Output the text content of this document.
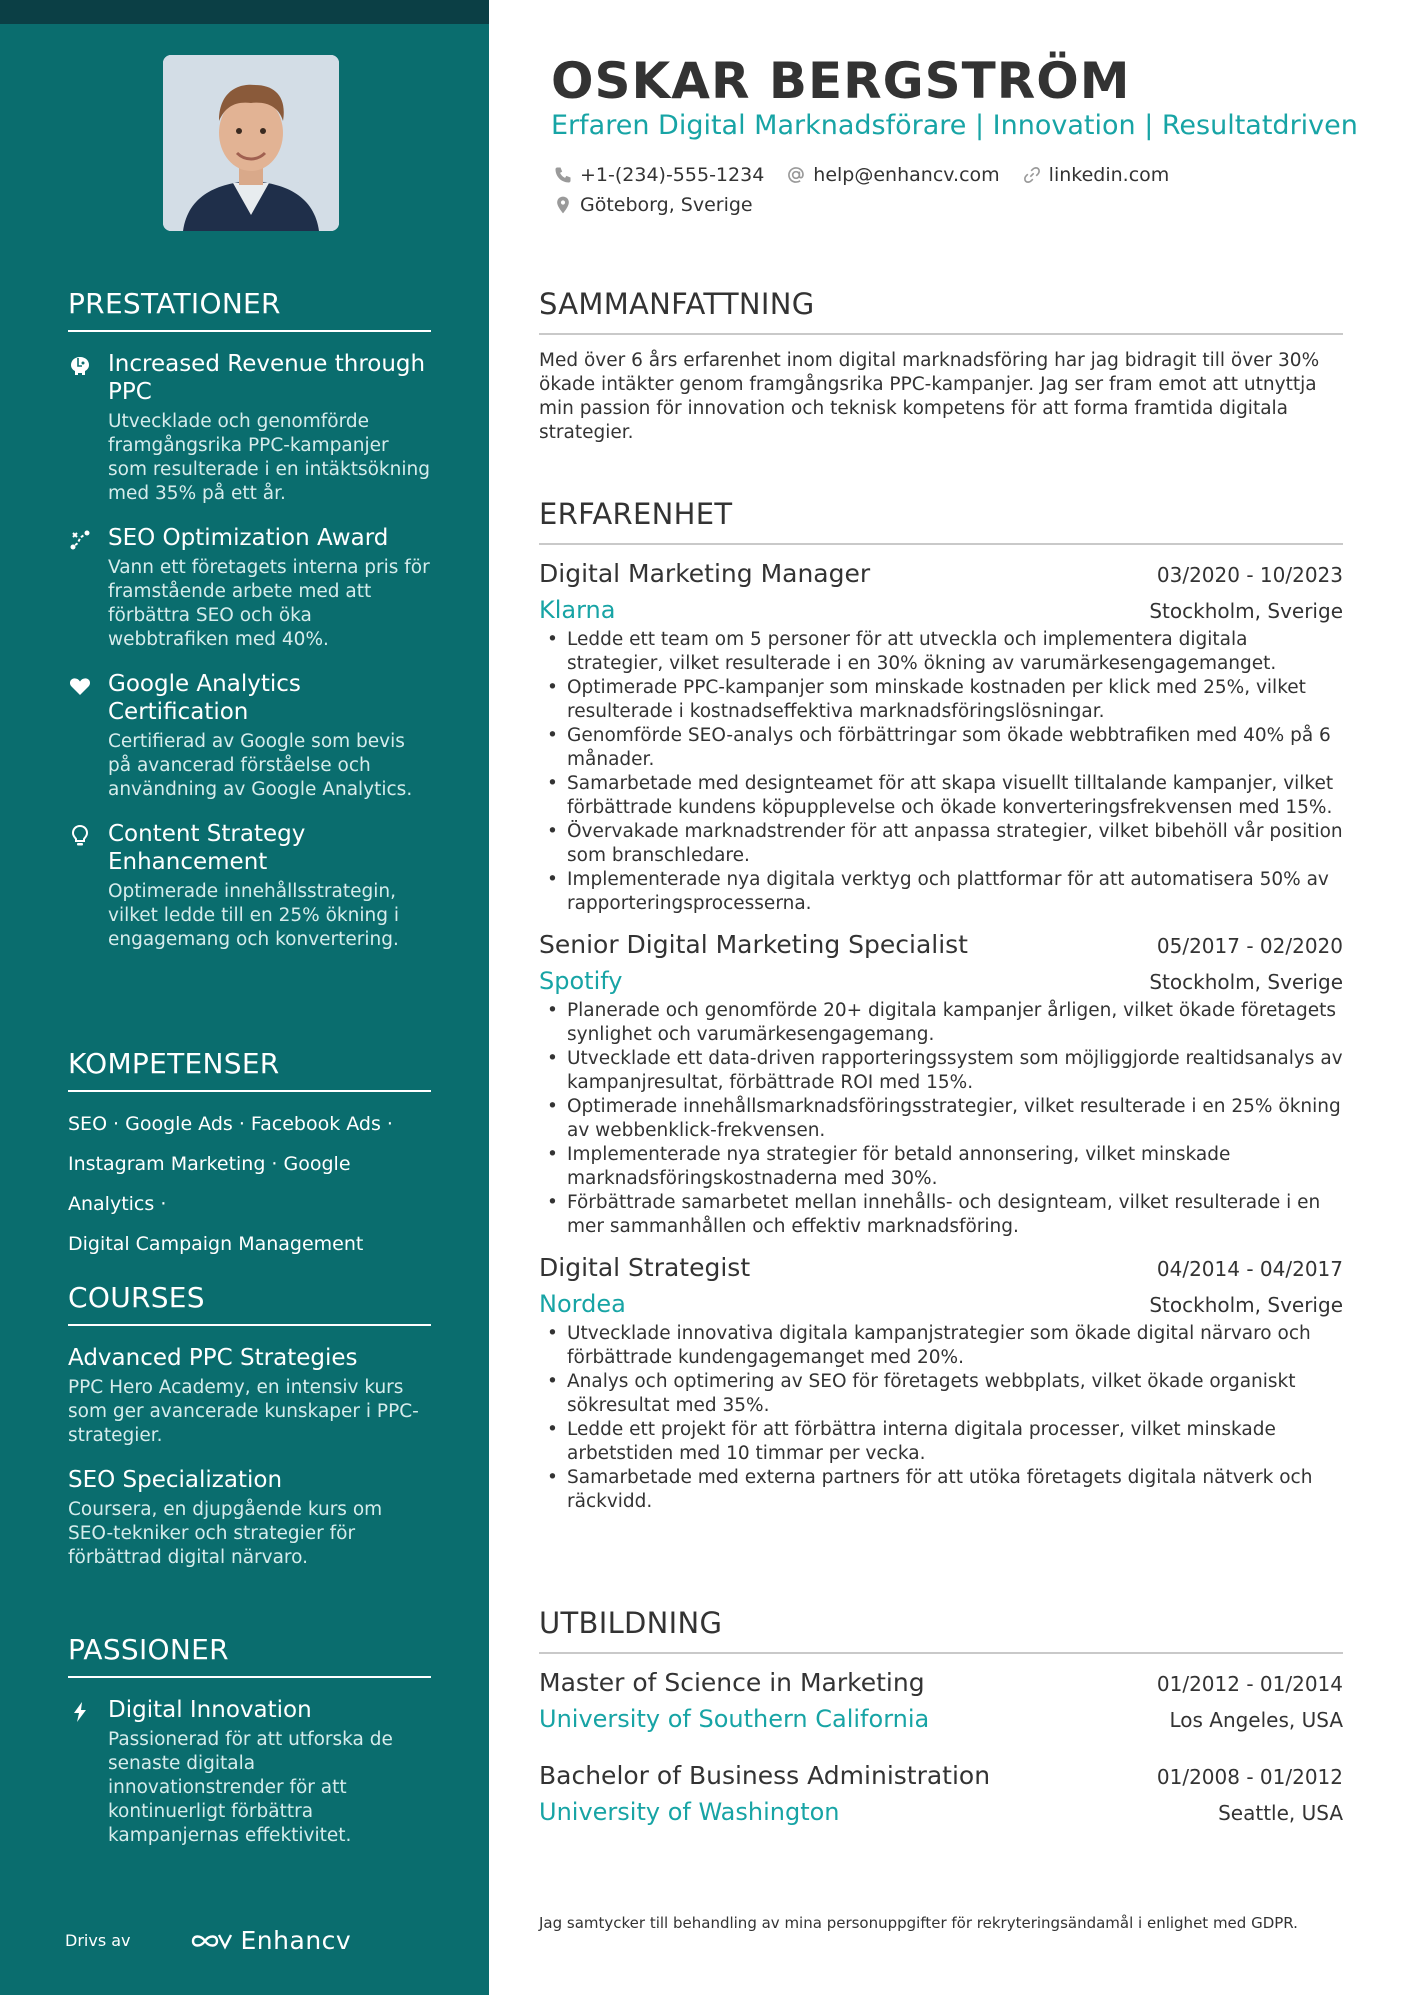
PRESTATIONER
Increased Revenue through PPC
Utvecklade och genomförde framgångsrika PPC-kampanjer som resulterade i en intäktsökning med 35% på ett år.
SEO Optimization Award
Vann ett företagets interna pris för framstående arbete med att förbättra SEO och öka webbtrafiken med 40%.
Google Analytics Certification
Certifierad av Google som bevis på avancerad förståelse och användning av Google Analytics.
Content Strategy Enhancement
Optimerade innehållsstrategin, vilket ledde till en 25% ökning i engagemang och konvertering.
KOMPETENSER
SEO · Google Ads · Facebook Ads ·
Instagram Marketing · Google Analytics ·
Digital Campaign Management
COURSES
Advanced PPC Strategies
PPC Hero Academy, en intensiv kurs som ger avancerade kunskaper i PPC-strategier.
SEO Specialization
Coursera, en djupgående kurs om SEO-tekniker och strategier för förbättrad digital närvaro.
PASSIONER
Digital Innovation
Passionerad för att utforska de senaste digitala innovationstrender för att kontinuerligt förbättra kampanjernas effektivitet.
Drivs av	Enhancv
OSKAR BERGSTRÖM
Erfaren Digital Marknadsförare | Innovation | Resultatdriven
+1-(234)-555-1234	help@enhancv.com	linkedin.com
Göteborg, Sverige
SAMMANFATTNING
Med över 6 års erfarenhet inom digital marknadsföring har jag bidragit till över 30% ökade intäkter genom framgångsrika PPC-kampanjer. Jag ser fram emot att utnyttja min passion för innovation och teknisk kompetens för att forma framtida digitala strategier.
ERFARENHET
Digital Marketing Manager	03/2020 - 10/2023
Klarna	Stockholm, Sverige
• Ledde ett team om 5 personer för att utveckla och implementera digitala strategier, vilket resulterade i en 30% ökning av varumärkesengagemanget.
• Optimerade PPC-kampanjer som minskade kostnaden per klick med 25%, vilket resulterade i kostnadseffektiva marknadsföringslösningar.
• Genomförde SEO-analys och förbättringar som ökade webbtrafiken med 40% på 6 månader.
• Samarbetade med designteamet för att skapa visuellt tilltalande kampanjer, vilket förbättrade kundens köpupplevelse och ökade konverteringsfrekvensen med 15%.
• Övervakade marknadstrender för att anpassa strategier, vilket bibehöll vår position som branschledare.
• Implementerade nya digitala verktyg och plattformar för att automatisera 50% av rapporteringsprocesserna.
Senior Digital Marketing Specialist	05/2017 - 02/2020
Spotify	Stockholm, Sverige
• Planerade och genomförde 20+ digitala kampanjer årligen, vilket ökade företagets synlighet och varumärkesengagemang.
• Utvecklade ett data-driven rapporteringssystem som möjliggjorde realtidsanalys av kampanjresultat, förbättrade ROI med 15%.
• Optimerade innehållsmarknadsföringsstrategier, vilket resulterade i en 25% ökning av webbenklick-frekvensen.
• Implementerade nya strategier för betald annonsering, vilket minskade marknadsföringskostnaderna med 30%.
• Förbättrade samarbetet mellan innehålls- och designteam, vilket resulterade i en mer sammanhållen och effektiv marknadsföring.
Digital Strategist	04/2014 - 04/2017
Nordea	Stockholm, Sverige
• Utvecklade innovativa digitala kampanjstrategier som ökade digital närvaro och förbättrade kundengagemanget med 20%.
• Analys och optimering av SEO för företagets webbplats, vilket ökade organiskt sökresultat med 35%.
• Ledde ett projekt för att förbättra interna digitala processer, vilket minskade arbetstiden med 10 timmar per vecka.
• Samarbetade med externa partners för att utöka företagets digitala nätverk och räckvidd.
UTBILDNING
Master of Science in Marketing	01/2012 - 01/2014
University of Southern California	Los Angeles, USA
Bachelor of Business Administration	01/2008 - 01/2012
University of Washington	Seattle, USA
Jag samtycker till behandling av mina personuppgifter för rekryteringsändamål i enlighet med GDPR.
